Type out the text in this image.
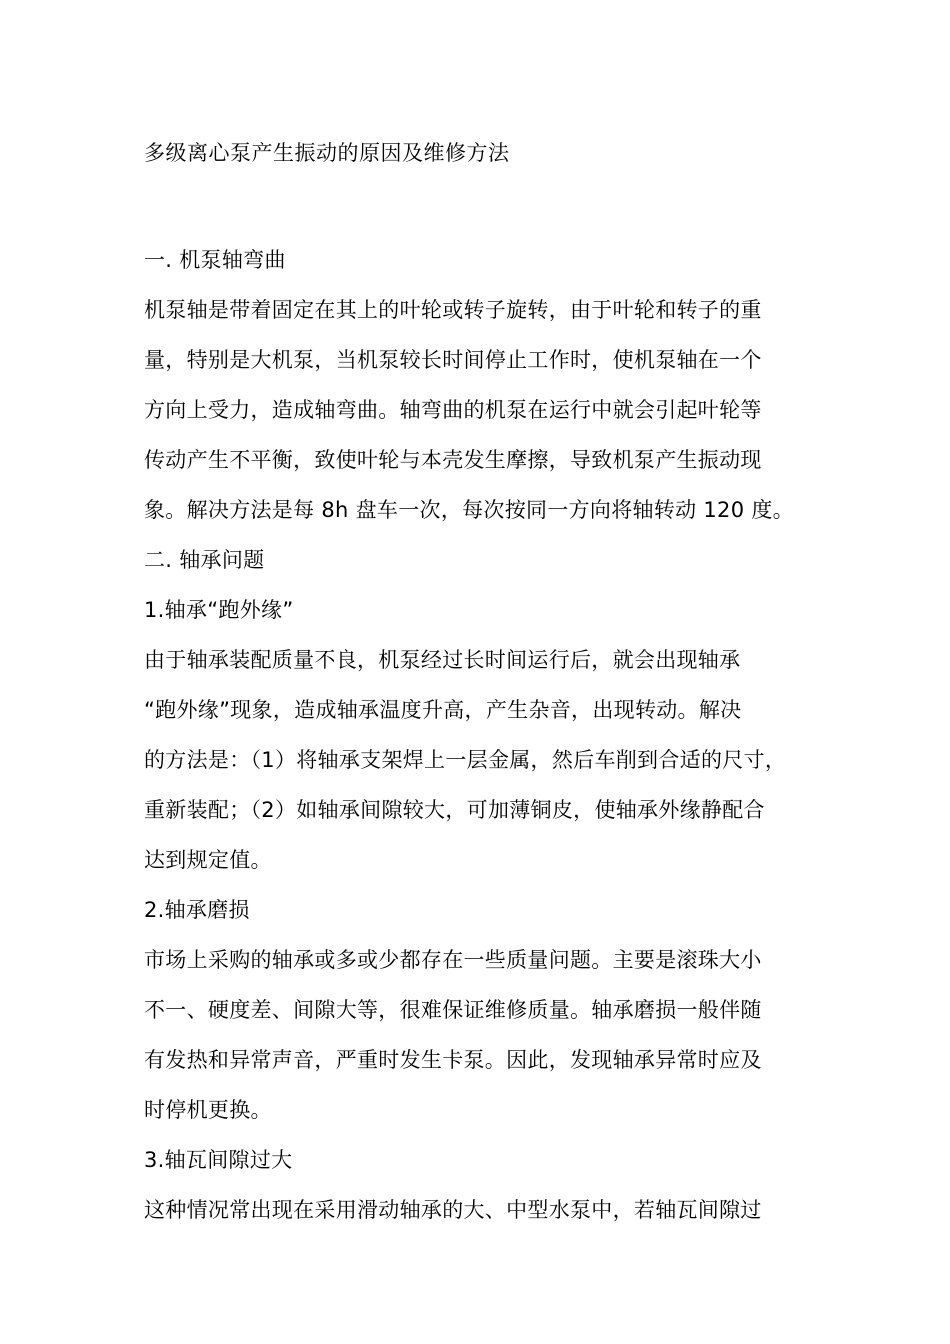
多级离心泵产生振动的原因及维修方法

一. 机泵轴弯曲

机泵轴是带着固定在其上的叶轮或转子旋转，由于叶轮和转子的重

量，特别是大机泵，当机泵较长时间停止工作时，使机泵轴在一个

方向上受力，造成轴弯曲。轴弯曲的机泵在运行中就会引起叶轮等

传动产生不平衡，致使叶轮与本壳发生摩擦，导致机泵产生振动现

象。解决方法是每 8h 盘车一次，每次按同一方向将轴转动 120 度。

二. 轴承问题

1.轴承“跑外缘”

由于轴承装配质量不良，机泵经过长时间运行后，就会出现轴承

“跑外缘”现象，造成轴承温度升高，产生杂音，出现转动。解决

的方法是：（1）将轴承支架焊上一层金属，然后车削到合适的尺寸，

重新装配；（2）如轴承间隙较大，可加薄铜皮，使轴承外缘静配合

达到规定值。

2.轴承磨损

市场上采购的轴承或多或少都存在一些质量问题。主要是滚珠大小

不一、硬度差、间隙大等，很难保证维修质量。轴承磨损一般伴随

有发热和异常声音，严重时发生卡泵。因此，发现轴承异常时应及

时停机更换。

3.轴瓦间隙过大

这种情况常出现在采用滑动轴承的大、中型水泵中，若轴瓦间隙过
